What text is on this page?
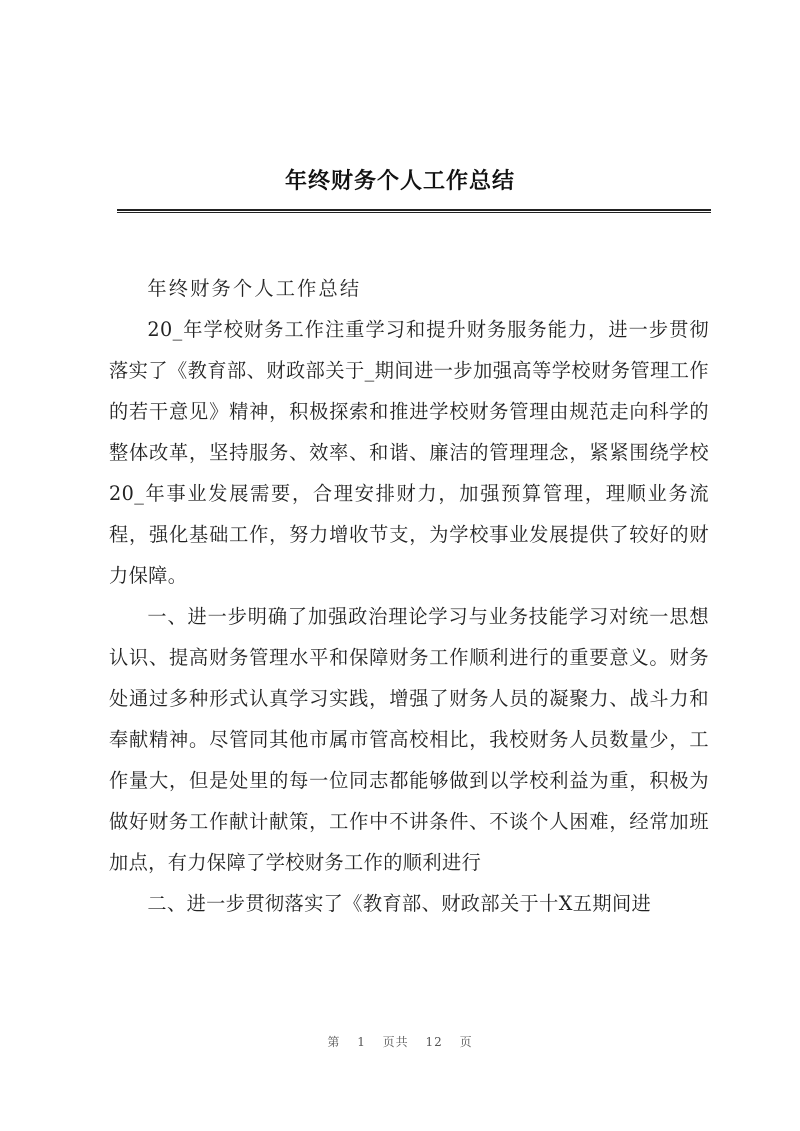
年终财务个人工作总结

年终财务个人工作总结

20_年学校财务工作注重学习和提升财务服务能力，进一步贯彻落实了《教育部、财政部关于_期间进一步加强高等学校财务管理工作的若干意见》精神，积极探索和推进学校财务管理由规范走向科学的整体改革，坚持服务、效率、和谐、廉洁的管理理念，紧紧围绕学校20_年事业发展需要，合理安排财力，加强预算管理，理顺业务流程，强化基础工作，努力增收节支，为学校事业发展提供了较好的财力保障。

一、进一步明确了加强政治理论学习与业务技能学习对统一思想认识、提高财务管理水平和保障财务工作顺利进行的重要意义。财务处通过多种形式认真学习实践，增强了财务人员的凝聚力、战斗力和奉献精神。尽管同其他市属市管高校相比，我校财务人员数量少，工作量大，但是处里的每一位同志都能够做到以学校利益为重，积极为做好财务工作献计献策，工作中不讲条件、不谈个人困难，经常加班加点，有力保障了学校财务工作的顺利进行

二、进一步贯彻落实了《教育部、财政部关于十X五期间进

第 1 页共 12 页
